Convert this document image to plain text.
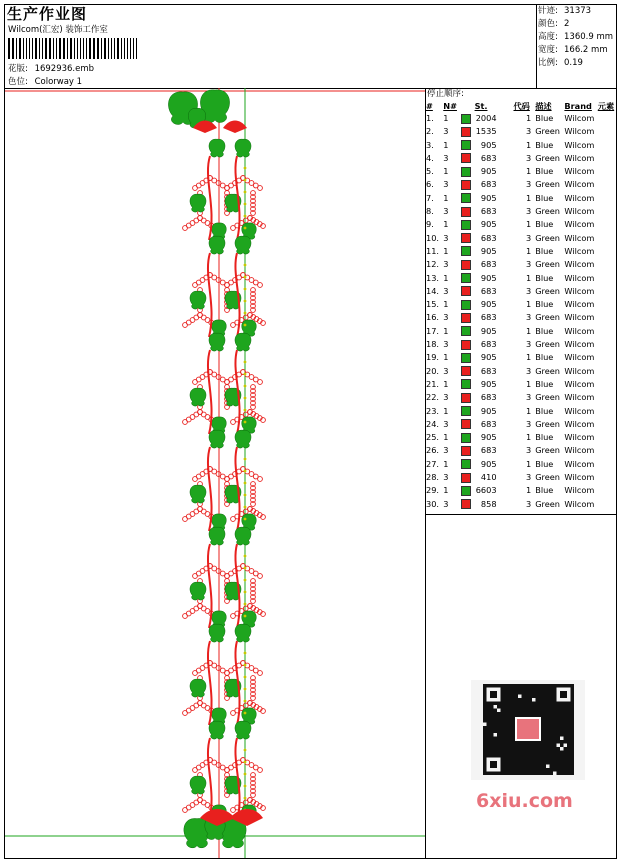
生产作业图
Wilcom(汇宏) 装饰工作室
花版: 1692936.emb
色位: Colorway 1
针迹: 31373
颜色: 2
高度: 1360.9 mm
宽度: 166.2 mm
比例: 0.19
停止顺序:
#	N#	St.	代码	描述	Brand	元素
1.	1	2004	1	Blue	Wilcom	
2.	3	1535	3	Green	Wilcom	
3.	1	905	1	Blue	Wilcom	
4.	3	683	3	Green	Wilcom	
5.	1	905	1	Blue	Wilcom	
6.	3	683	3	Green	Wilcom	
7.	1	905	1	Blue	Wilcom	
8.	3	683	3	Green	Wilcom	
9.	1	905	1	Blue	Wilcom	
10.	3	683	3	Green	Wilcom	
11.	1	905	1	Blue	Wilcom	
12.	3	683	3	Green	Wilcom	
13.	1	905	1	Blue	Wilcom	
14.	3	683	3	Green	Wilcom	
15.	1	905	1	Blue	Wilcom	
16.	3	683	3	Green	Wilcom	
17.	1	905	1	Blue	Wilcom	
18.	3	683	3	Green	Wilcom	
19.	1	905	1	Blue	Wilcom	
20.	3	683	3	Green	Wilcom	
21.	1	905	1	Blue	Wilcom	
22.	3	683	3	Green	Wilcom	
23.	1	905	1	Blue	Wilcom	
24.	3	683	3	Green	Wilcom	
25.	1	905	1	Blue	Wilcom	
26.	3	683	3	Green	Wilcom	
27.	1	905	1	Blue	Wilcom	
28.	3	410	3	Green	Wilcom	
29.	1	6603	1	Blue	Wilcom	
30.	3	858	3	Green	Wilcom	
6xiu.com
